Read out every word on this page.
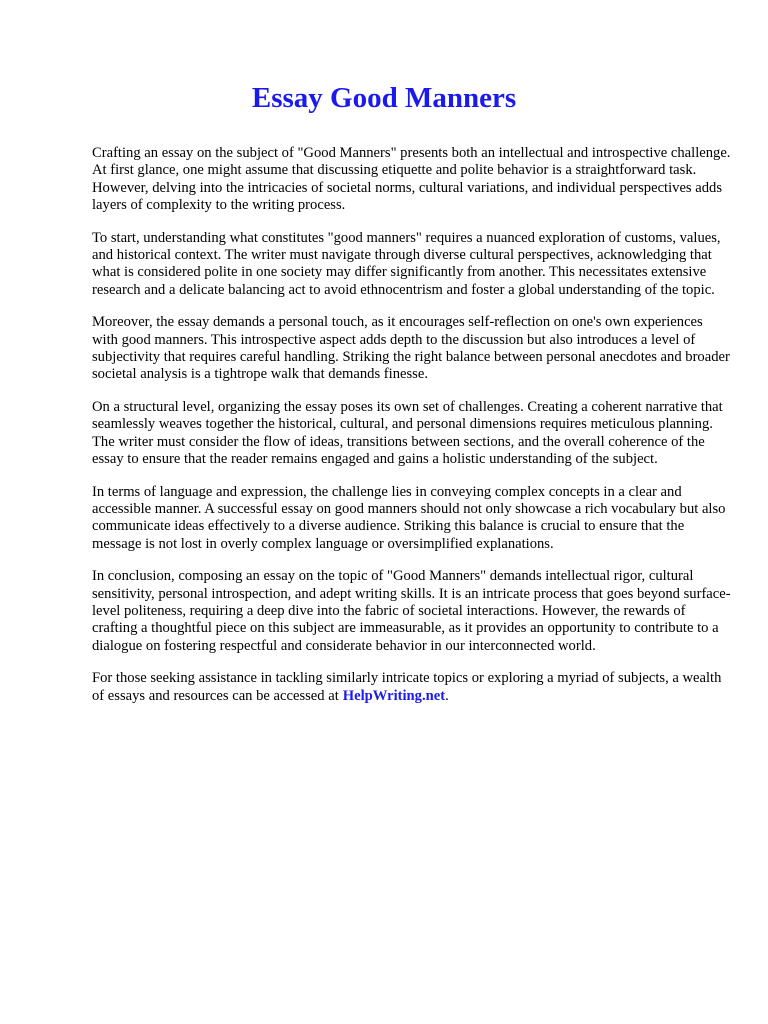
Essay Good Manners

Crafting an essay on the subject of "Good Manners" presents both an intellectual and introspective challenge. At first glance, one might assume that discussing etiquette and polite behavior is a straightforward task. However, delving into the intricacies of societal norms, cultural variations, and individual perspectives adds layers of complexity to the writing process.

To start, understanding what constitutes "good manners" requires a nuanced exploration of customs, values, and historical context. The writer must navigate through diverse cultural perspectives, acknowledging that what is considered polite in one society may differ significantly from another. This necessitates extensive research and a delicate balancing act to avoid ethnocentrism and foster a global understanding of the topic.

Moreover, the essay demands a personal touch, as it encourages self-reflection on one's own experiences with good manners. This introspective aspect adds depth to the discussion but also introduces a level of subjectivity that requires careful handling. Striking the right balance between personal anecdotes and broader societal analysis is a tightrope walk that demands finesse.

On a structural level, organizing the essay poses its own set of challenges. Creating a coherent narrative that seamlessly weaves together the historical, cultural, and personal dimensions requires meticulous planning. The writer must consider the flow of ideas, transitions between sections, and the overall coherence of the essay to ensure that the reader remains engaged and gains a holistic understanding of the subject.

In terms of language and expression, the challenge lies in conveying complex concepts in a clear and accessible manner. A successful essay on good manners should not only showcase a rich vocabulary but also communicate ideas effectively to a diverse audience. Striking this balance is crucial to ensure that the message is not lost in overly complex language or oversimplified explanations.

In conclusion, composing an essay on the topic of "Good Manners" demands intellectual rigor, cultural sensitivity, personal introspection, and adept writing skills. It is an intricate process that goes beyond surface-level politeness, requiring a deep dive into the fabric of societal interactions. However, the rewards of crafting a thoughtful piece on this subject are immeasurable, as it provides an opportunity to contribute to a dialogue on fostering respectful and considerate behavior in our interconnected world.

For those seeking assistance in tackling similarly intricate topics or exploring a myriad of subjects, a wealth of essays and resources can be accessed at HelpWriting.net.
